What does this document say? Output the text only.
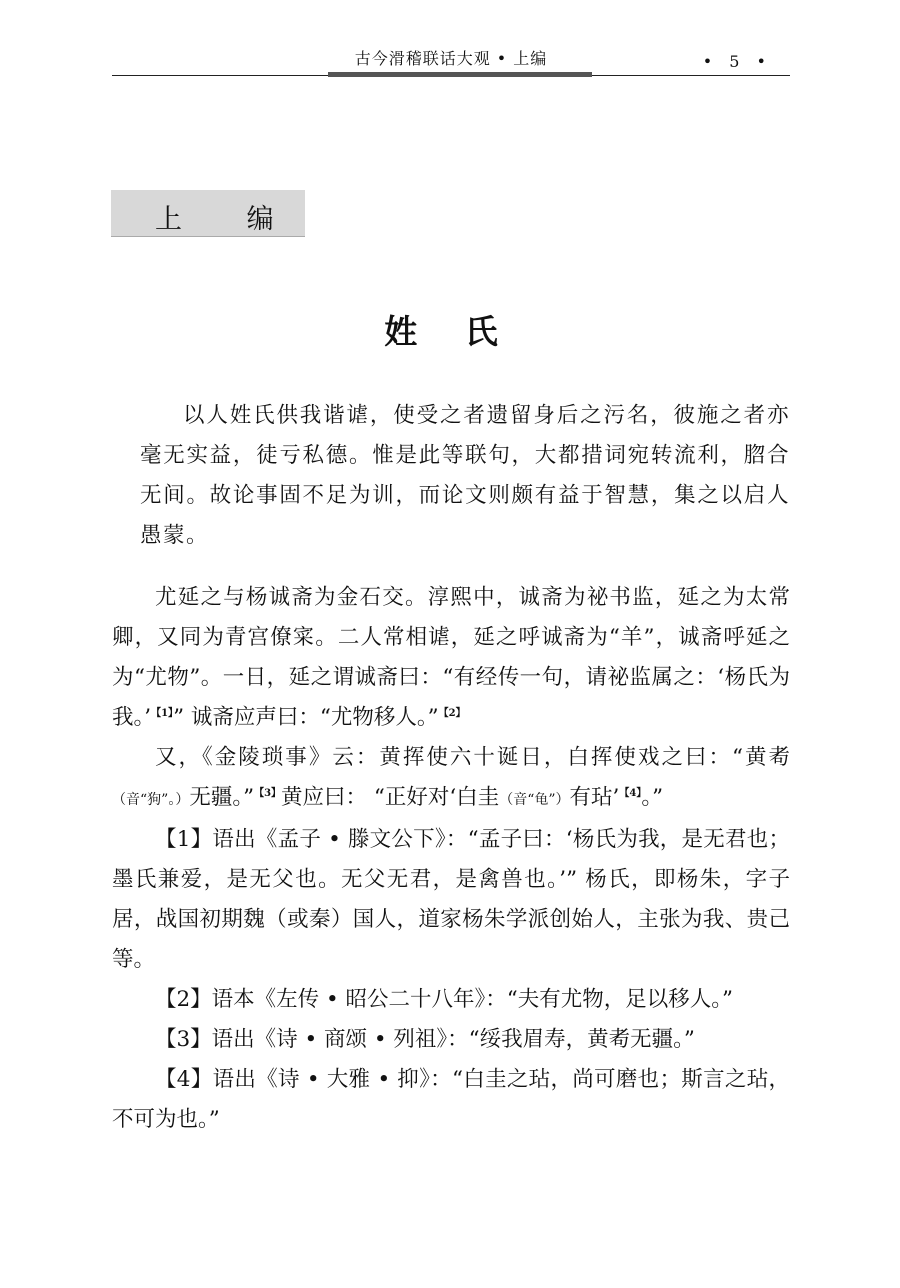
古今滑稽联话大观 • 上编	• 5 •
上 编
姓 氏

以人姓氏供我谐谑，使受之者遗留身后之污名，彼施之者亦毫无实益，徒亏私德。惟是此等联句，大都措词宛转流利，脗合无间。故论事固不足为训，而论文则颇有益于智慧，集之以启人愚蒙。

尤延之与杨诚斋为金石交。淳熙中，诚斋为祕书监，延之为太常卿，又同为青宫僚寀。二人常相谑，延之呼诚斋为“羊”，诚斋呼延之为“尤物”。一日，延之谓诚斋曰：“有经传一句，请祕监属之：‘杨氏为我。’$^{【1】}$” 诚斋应声曰：“尤物移人。”$^{【2】}$

又，《金陵琐事》云：黄挥使六十诞日，白挥使戏之曰：“黄耇（音“狗”。）无疆。”$^{【3】}$黄应曰： “正好对‘白圭（音“龟”）有玷’$^{【4】}$。”

【1】语出《孟子 • 滕文公下》：“孟子曰：‘杨氏为我，是无君也；墨氏兼爱，是无父也。无父无君，是禽兽也。’” 杨氏，即杨朱，字子居，战国初期魏（或秦）国人，道家杨朱学派创始人，主张为我、贵己等。

【2】语本《左传 • 昭公二十八年》：“夫有尤物，足以移人。”

【3】语出《诗 • 商颂 • 列祖》：“绥我眉寿，黄耇无疆。”

【4】语出《诗 • 大雅 • 抑》：“白圭之玷，尚可磨也；斯言之玷，不可为也。”
